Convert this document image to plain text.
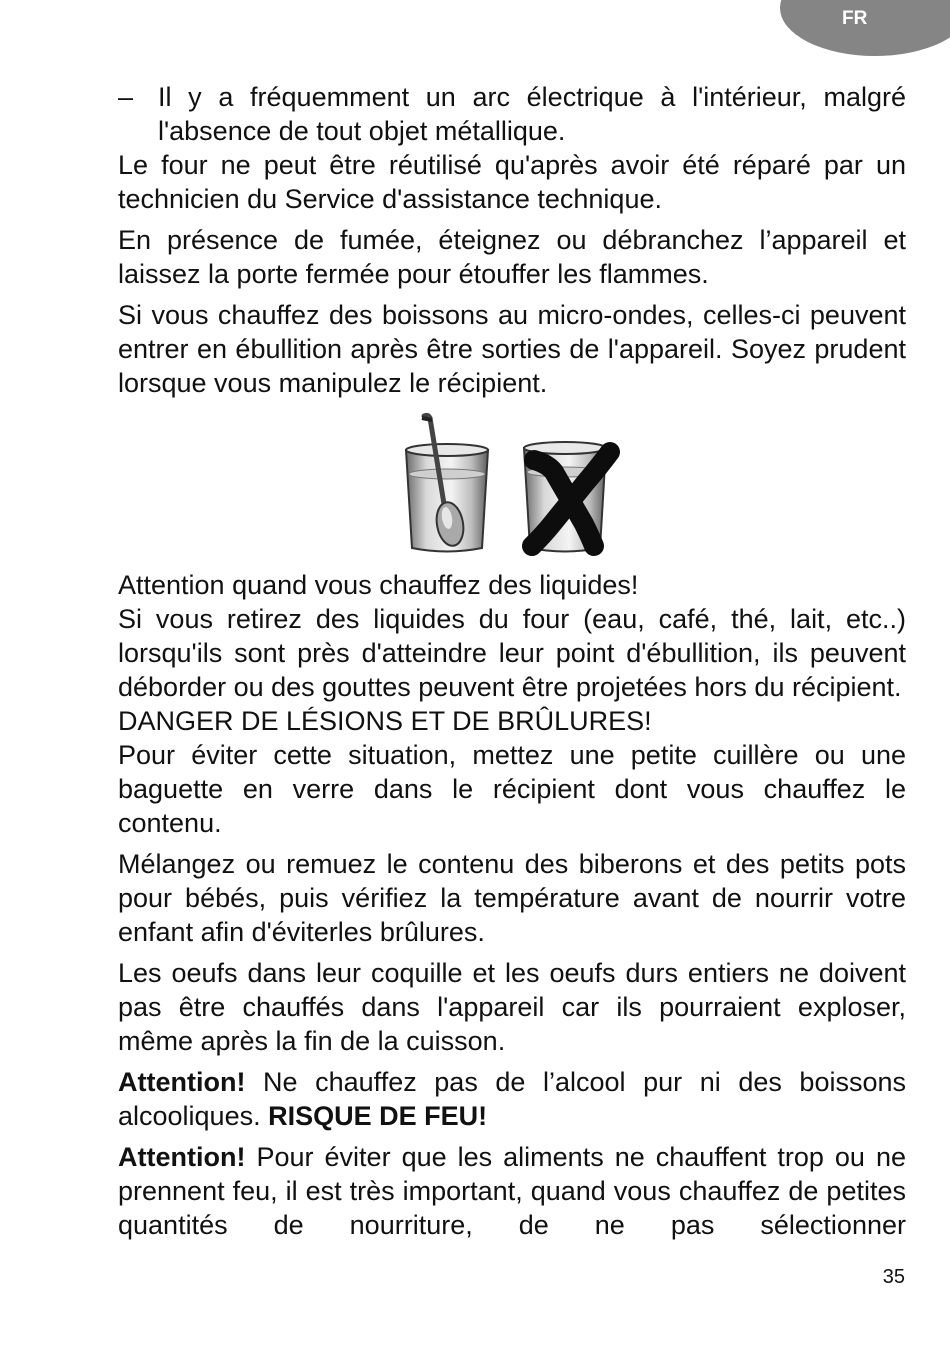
FR
– Il y a fréquemment un arc électrique à l'intérieur, malgré l'absence de tout objet métallique.

Le four ne peut être réutilisé qu'après avoir été réparé par un technicien du Service d'assistance technique.

En présence de fumée, éteignez ou débranchez l’appareil et laissez la porte fermée pour étouffer les flammes.

Si vous chauffez des boissons au micro-ondes, celles-ci peuvent entrer en ébullition après être sorties de l'appareil. Soyez prudent lorsque vous manipulez le récipient.

Attention quand vous chauffez des liquides!

Si vous retirez des liquides du four (eau, café, thé, lait, etc..) lorsqu'ils sont près d'atteindre leur point d'ébullition, ils peuvent déborder ou des gouttes peuvent être projetées hors du récipient.

DANGER DE LÉSIONS ET DE BRÛLURES!

Pour éviter cette situation, mettez une petite cuillère ou une baguette en verre dans le récipient dont vous chauffez le contenu.

Mélangez ou remuez le contenu des biberons et des petits pots pour bébés, puis vérifiez la température avant de nourrir votre enfant afin d'éviterles brûlures.

Les oeufs dans leur coquille et les oeufs durs entiers ne doivent pas être chauffés dans l'appareil car ils pourraient exploser, même après la fin de la cuisson.

Attention! Ne chauffez pas de l’alcool pur ni des boissons alcooliques. RISQUE DE FEU!

Attention! Pour éviter que les aliments ne chauffent trop ou ne prennent feu, il est très important, quand vous chauffez de petites quantités de nourriture, de ne pas sélectionner

35
